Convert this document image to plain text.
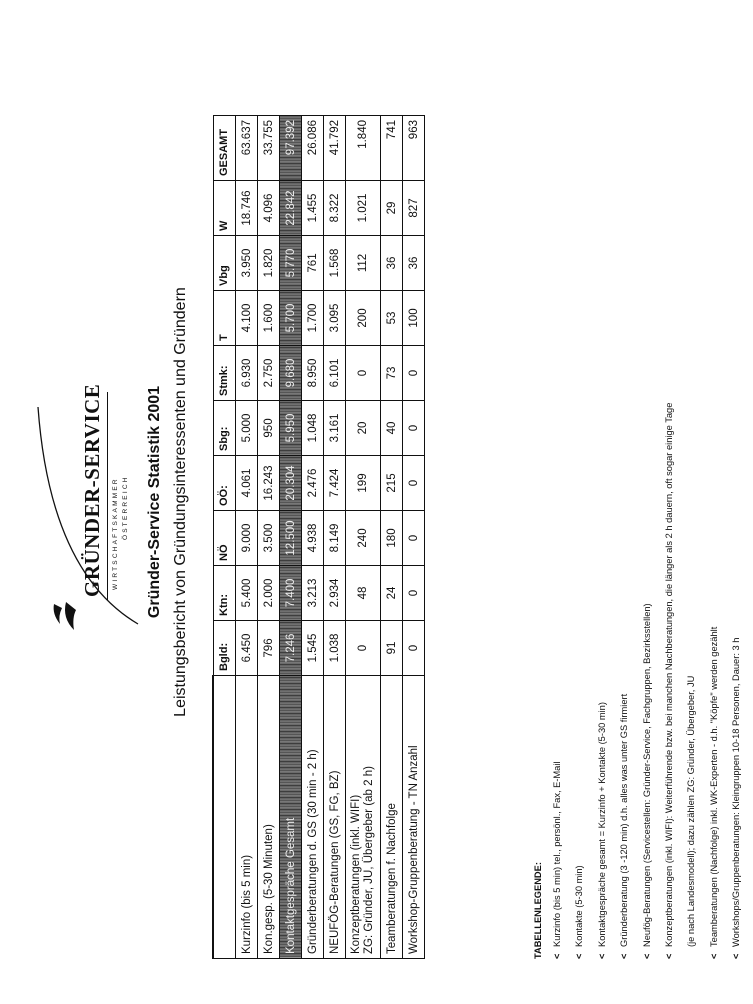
GRÜNDER-SERVICE WIRTSCHAFTSKAMMER ÖSTERREICH Gründer-Service Statistik 2001 Leistungsbericht von Gründungsinteressenten und Gründern
		Bgld:	Ktn:	NÖ	OÖ:	Sbg:	Stmk:	T	Vbg	W	GESAMT
Kurzinfo (bis 5 min)	6.450	5.400	9.000	4.061	5.000	6.930	4.100	3.950	18.746	63.637
Kon.gesp. (5-30 Minuten)	796	2.000	3.500	16.243	950	2.750	1.600	1.820	4.096	33.755
Kontaktgespräche Gesamt	7.246	7.400	12.500	20.304	5.950	9.680	5.700	5.770	22.842	97.392
Gründerberatungen d. GS (30 min - 2 h)	1.545	3.213	4.938	2.476	1.048	8.950	1.700	761	1.455	26.086
NEUFÖG-Beratungen (GS, FG, BZ)	1.038	2.934	8.149	7.424	3.161	6.101	3.095	1.568	8.322	41.792

Konzeptberatungen (inkl. WIFI) ZG: Gründer, JU, Übergeber (ab 2 h)	0	48	240	199	20	0	200	112	1.021	1.840
Teamberatungen f. Nachfolge	91	24	180	215	40	73	53	36	29	741
Workshop-Gruppenberatung - TN Anzahl	0	0	0	0	0	0	100	36	827	963
TABELLENLEGENDE: <Kurzinfo (bis 5 min) tel., persönl., Fax, E-Mail
<Kontakte (5-30 min)
<Kontaktgespräche gesamt = Kurzinfo + Kontakte (5-30 min)
<Gründerberatung (3 -120 min) d.h. alles was unter GS firmiert
<Neufög-Beratungen (Servicestellen: Gründer-Service, Fachgruppen, Bezirksstellen)
<Konzeptberatungen (inkl. WIFI): Weiterführende bzw. bei manchen Nachberatungen, die länger als 2 h dauern, oft sogar einige Tage	(je nach Landesmodell); dazu zählen ZG: Gründer, Übergeber, JU
<Teamberatungen (Nachfolge) inkl. WK-Experten - d.h. "Köpfe" werden gezählt
<Workshops/Gruppenberatungen: Kleingruppen 10-18 Personen, Dauer: 3 h
